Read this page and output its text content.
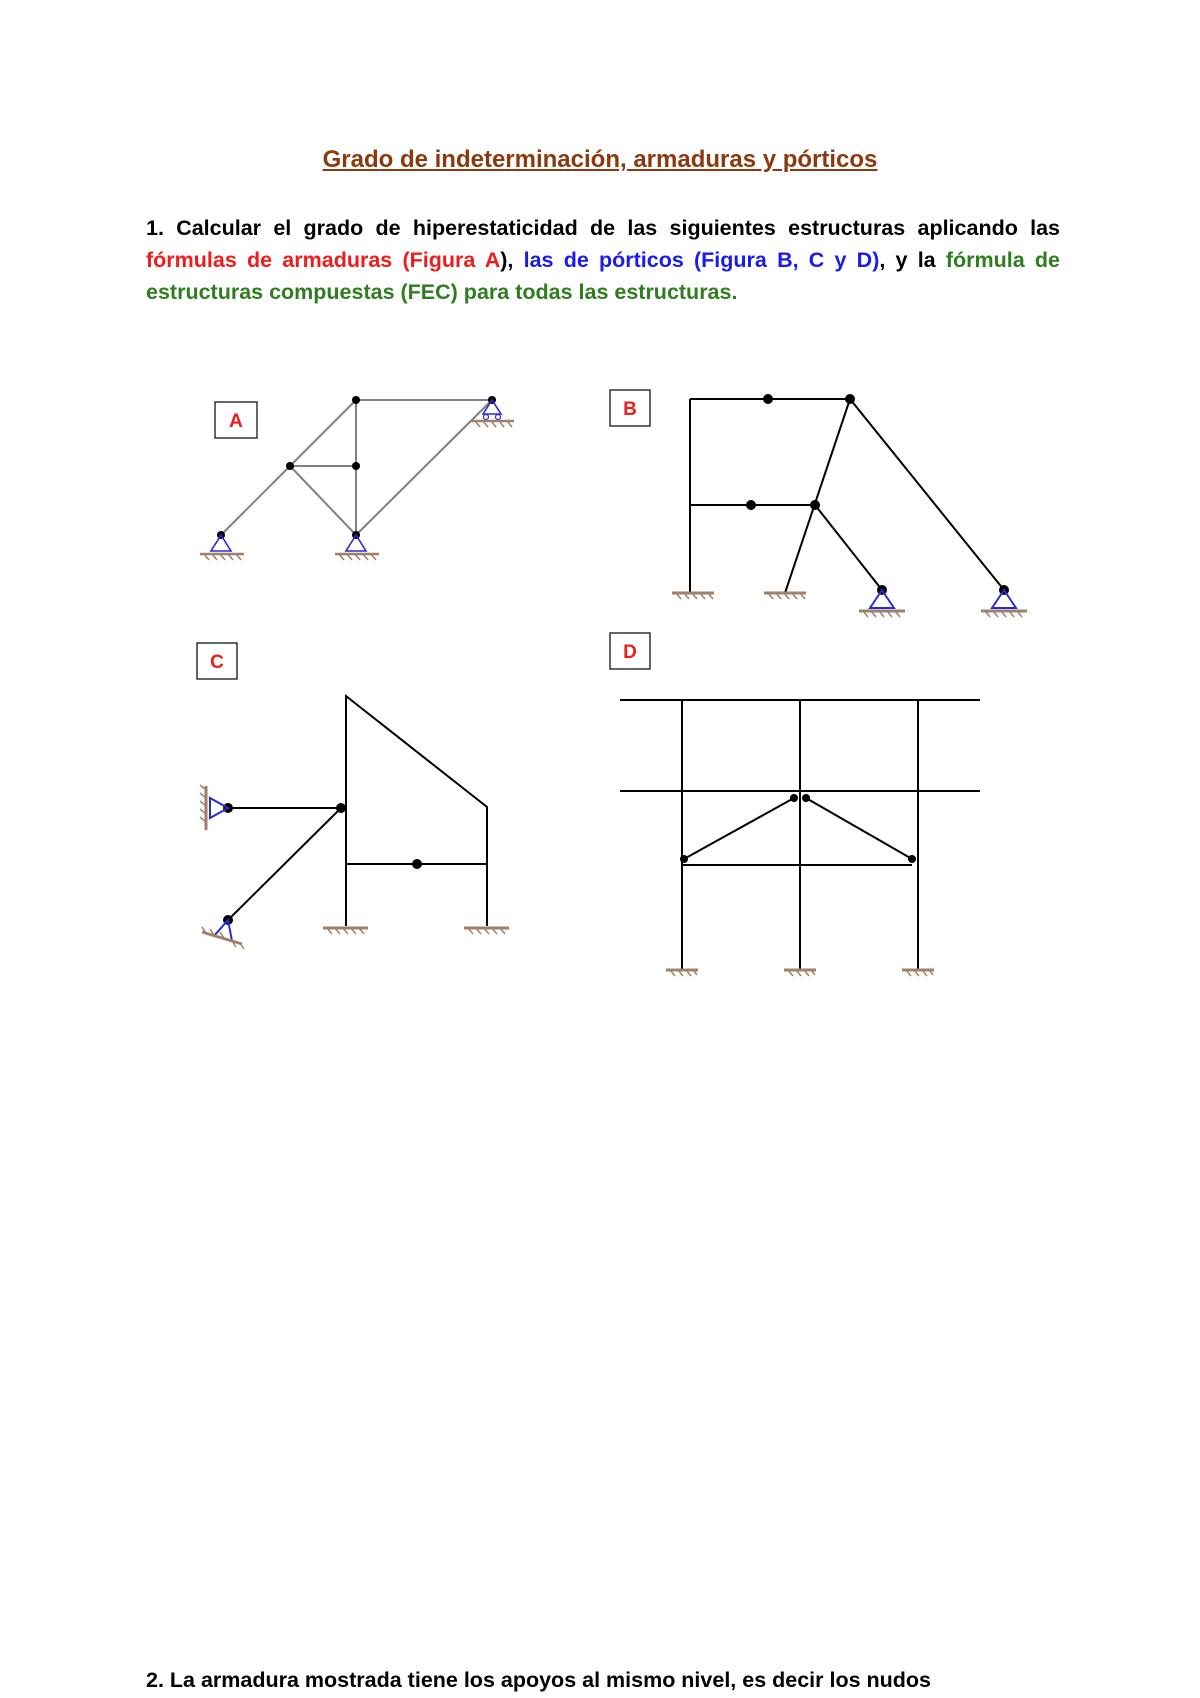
Grado de indeterminación, armaduras y pórticos

1. Calcular el grado de hiperestaticidad de las siguientes estructuras aplicando las fórmulas de armaduras (Figura A), las de pórticos (Figura B, C y D), y la fórmula de estructuras compuestas (FEC) para todas las estructuras.

A
B
C	D

2. La armadura mostrada tiene los apoyos al mismo nivel, es decir los nudos
